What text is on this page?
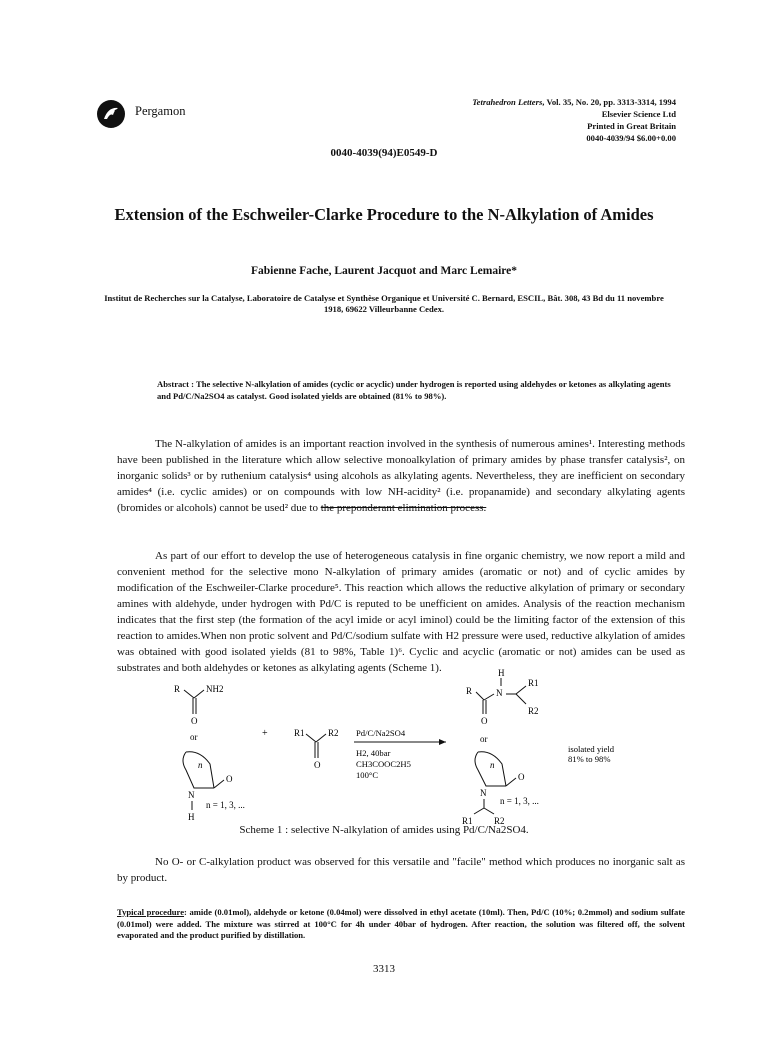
Pergamon
Tetrahedron Letters, Vol. 35, No. 20, pp. 3313-3314, 1994
Elsevier Science Ltd
Printed in Great Britain
0040-4039/94 $6.00+0.00
0040-4039(94)E0549-D
Extension of the Eschweiler-Clarke Procedure to the N-Alkylation of Amides
Fabienne Fache, Laurent Jacquot and Marc Lemaire*
Institut de Recherches sur la Catalyse, Laboratoire de Catalyse et Synthèse Organique et Université C. Bernard, ESCIL, Bât. 308, 43 Bd du 11 novembre 1918, 69622 Villeurbanne Cedex.
Abstract : The selective N-alkylation of amides (cyclic or acyclic) under hydrogen is reported using aldehydes or ketones as alkylating agents and Pd/C/Na2SO4 as catalyst. Good isolated yields are obtained (81% to 98%).

The N-alkylation of amides is an important reaction involved in the synthesis of numerous amines¹. Interesting methods have been published in the literature which allow selective monoalkylation of primary amides by phase transfer catalysis², on inorganic solids³ or by ruthenium catalysis⁴ using alcohols as alkylating agents. Nevertheless, they are inefficient on secondary amides⁴ (i.e. cyclic amides) or on compounds with low NH-acidity² (i.e. propanamide) and secondary alkylating agents (bromides or alcohols) cannot be used² due to the preponderant elimination process.

As part of our effort to develop the use of heterogeneous catalysis in fine organic chemistry, we now report a mild and convenient method for the selective mono N-alkylation of primary amides (aromatic or not) and of cyclic amides by modification of the Eschweiler-Clarke procedure⁵. This reaction which allows the reductive alkylation of primary or secondary amines with aldehyde, under hydrogen with Pd/C is reputed to be unefficient on amides. Analysis of the reaction mechanism indicates that the first step (the formation of the acyl imide or acyl iminol) could be the limiting factor of the extension of this reaction to amides.When non protic solvent and Pd/C/sodium sulfate with H2 pressure were used, reductive alkylation of amides was obtained with good isolated yields (81 to 98%, Table 1)⁶. Cyclic and acyclic (aromatic or not) amides can be used as substrates and both aldehydes or ketones as alkylating agents (Scheme 1).

R	NH2
O
or
n
O
N
H
n = 1, 3, ...
+	R1	R2
O
Pd/C/Na2SO4
H2, 40bar
CH3COOC2H5
100°C
H
N
R1
R2
R
O
or
n
O
N
R1 R2
n = 1, 3, ...
isolated yield
81% to 98%
Scheme 1 : selective N-alkylation of amides using Pd/C/Na2SO4.

No O- or C-alkylation product was observed for this versatile and "facile" method which produces no inorganic salt as by product.

Typical procedure: amide (0.01mol), aldehyde or ketone (0.04mol) were dissolved in ethyl acetate (10ml). Then, Pd/C (10%; 0.2mmol) and sodium sulfate (0.01mol) were added. The mixture was stirred at 100°C for 4h under 40bar of hydrogen. After reaction, the solution was filtered off, the solvent evaporated and the product purified by distillation.
3313
